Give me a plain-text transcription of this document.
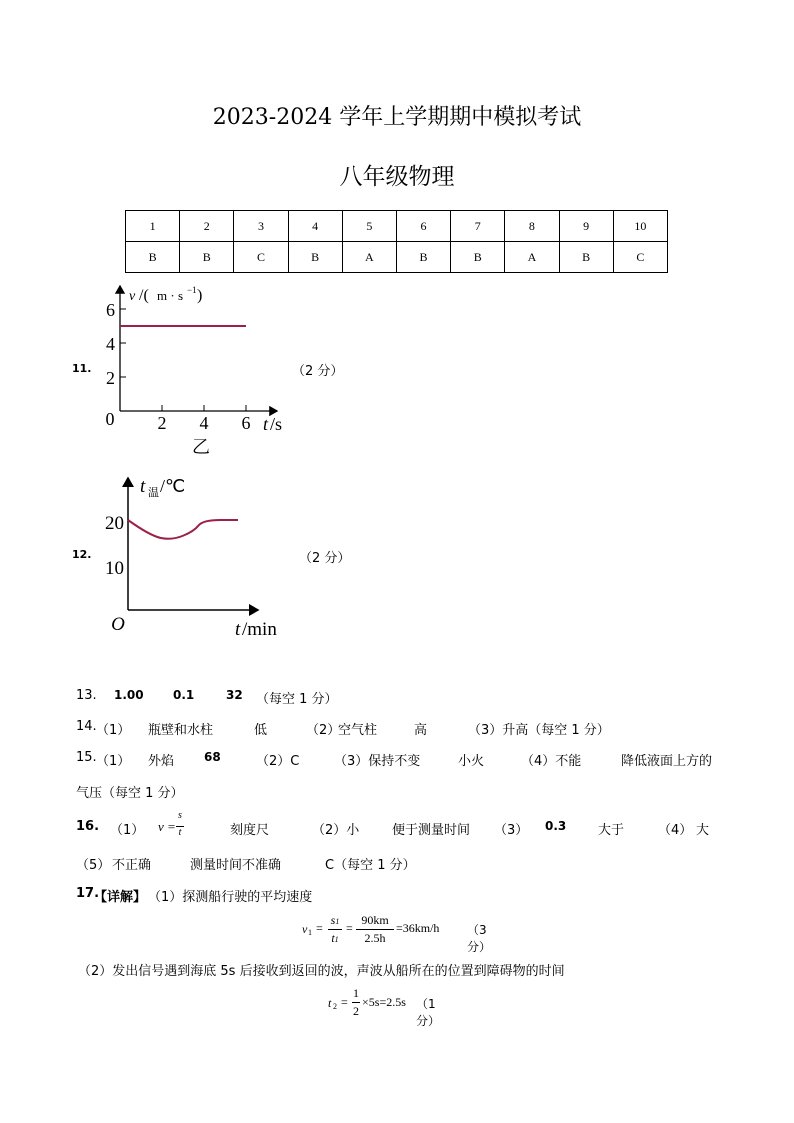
2023-2024 学年上学期期中模拟考试
八年级物理
1	2	3	4	5	6	7	8	9	10
B	B	C	B	A	B	B	A	B	C
11.
6
4
2
0 2 4 6
v /( m · s −1 )
t /s
乙
（2 分）
12.
20
10
O
t 温 /℃
t /min
（2 分）
13. 1.00 0.1	32 （每空 1 分）
14. （1） 瓶壁和水柱	低	（2）
空气柱	高	（3）升高（每空 1 分）
15. （1） 外焰 68	（2）C	（3）保持不变	小火	（4）不能	降低液面上方的
气压（每空 1 分）
16. （1） v =
s
t	刻度尺	（2）小	便于测量时间 （3） 0.3 大于	（4） 大
（5） 不正确	测量时间不准确	C（每空 1 分）
17.
【详解】 （1）探测船行驶的平均速度
v 1 =
s1
t1
=
90km
2.5h
=36km/h （3 分）
（2）发出信号遇到海底 5s 后接收到返回的波，声波从船所在的位置到障碍物的时间
t 2 =
1
2
×5s=2.5s （1 分）
